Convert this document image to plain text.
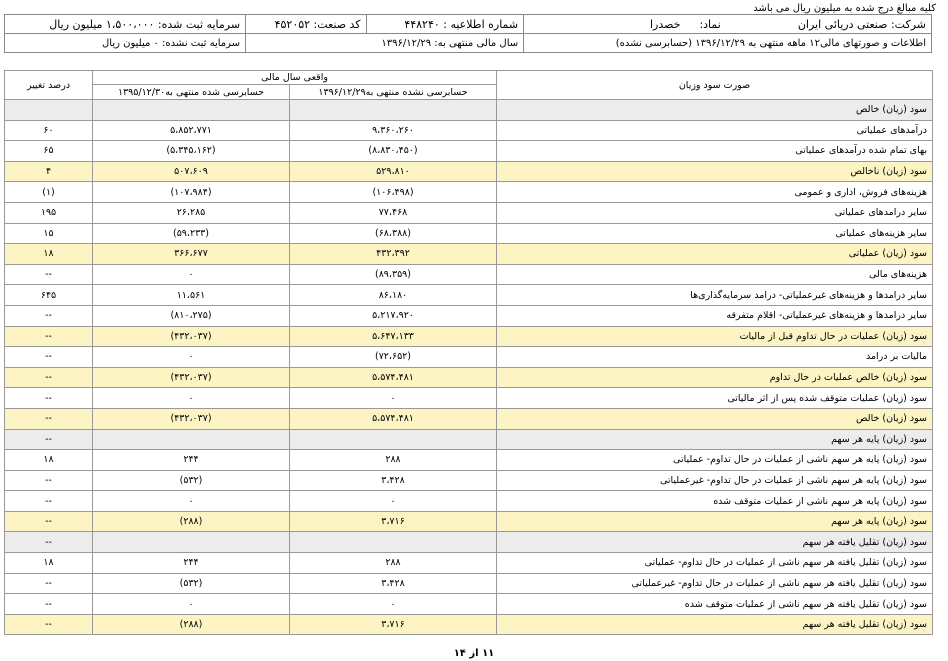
کلیه مبالغ درج شده به میلیون ریال می باشد
شرکت: صنعتی دریائی ایران  نماد:  خصدرا	شماره اطلاعیه : ۴۴۸۲۴۰	کد صنعت: ۴۵۲۰۵۲	سرمایه ثبت شده: ۱،۵۰۰،۰۰۰ میلیون ریال
اطلاعات و صورتهای مالی۱۲ ماهه منتهی به ۱۳۹۶/۱۲/۲۹ (حسابرسی نشده)	سال مالی منتهی به: ۱۳۹۶/۱۲/۲۹		سرمایه ثبت نشده: ۰ میلیون ریال
صورت سود وزیان	واقعی سال مالی		درصد تغییر
	حسابرسی نشده منتهی به۱۳۹۶/۱۲/۲۹	حسابرسی شده منتهی به۱۳۹۵/۱۲/۳۰	
سود (زیان) خالص			
درآمدهای عملیاتی	۹،۳۶۰،۲۶۰	۵،۸۵۲،۷۷۱	۶۰
بهای تمام شده درآمدهای عملیاتی	(۸،۸۳۰،۴۵۰)	(۵،۳۴۵،۱۶۲)	۶۵
سود (زیان) ناخالص	۵۲۹،۸۱۰	۵۰۷،۶۰۹	۴
هزینه‌های فروش، اداری و عمومی	(۱۰۶،۴۹۸)	(۱۰۷،۹۸۴)	(۱)
سایر درامدهای عملیاتی	۷۷،۴۶۸	۲۶،۲۸۵	۱۹۵
سایر هزینه‌های عملیاتی	(۶۸،۳۸۸)	(۵۹،۲۳۳)	۱۵
سود (زیان) عملیاتی	۴۳۲،۳۹۲	۳۶۶،۶۷۷	۱۸
هزینه‌های مالی	(۸۹،۳۵۹)	۰	--
سایر درامدها و هزینه‌های غیرعملیاتی- درامد سرمایه‌گذاری‌ها	۸۶،۱۸۰	۱۱،۵۶۱	۶۴۵
سایر درامدها و هزینه‌های غیرعملیاتی- اقلام متفرقه	۵،۲۱۷،۹۲۰	(۸۱۰،۲۷۵)	--
سود (زیان) عملیات در حال تداوم قبل از مالیات	۵،۶۴۷،۱۳۳	(۴۳۲،۰۳۷)	--
مالیات بر درامد	(۷۲،۶۵۲)	۰	--
سود (زیان) خالص عملیات در حال تداوم	۵،۵۷۴،۴۸۱	(۴۳۲،۰۳۷)	--
سود (زیان) عملیات متوقف شده پس از اثر مالیاتی	۰	۰	--
سود (زیان) خالص	۵،۵۷۴،۴۸۱	(۴۳۲،۰۳۷)	--
سود (زیان) پایه هر سهم			--
سود (زیان) پایه هر سهم ناشی از عملیات در حال تداوم- عملیاتی	۲۸۸	۲۴۴	۱۸
سود (زیان) پایه هر سهم ناشی از عملیات در حال تداوم- غیرعملیاتی	۳،۴۲۸	(۵۳۲)	--
سود (زیان) پایه هر سهم ناشی از عملیات متوقف شده	۰	۰	--
سود (زیان) پایه هر سهم	۳،۷۱۶	(۲۸۸)	--
سود (زیان) تقلیل یافته هر سهم			--
سود (زیان) تقلیل یافته هر سهم ناشی از عملیات در حال تداوم- عملیاتی	۲۸۸	۲۴۴	۱۸
سود (زیان) تقلیل یافته هر سهم ناشی از عملیات در حال تداوم- غیرعملیاتی	۳،۴۲۸	(۵۳۲)	--
سود (زیان) تقلیل یافته هر سهم ناشی از عملیات متوقف شده	۰	۰	--
سود (زیان) تقلیل یافته هر سهم	۳،۷۱۶	(۲۸۸)	--
۱۱ از ۱۴
